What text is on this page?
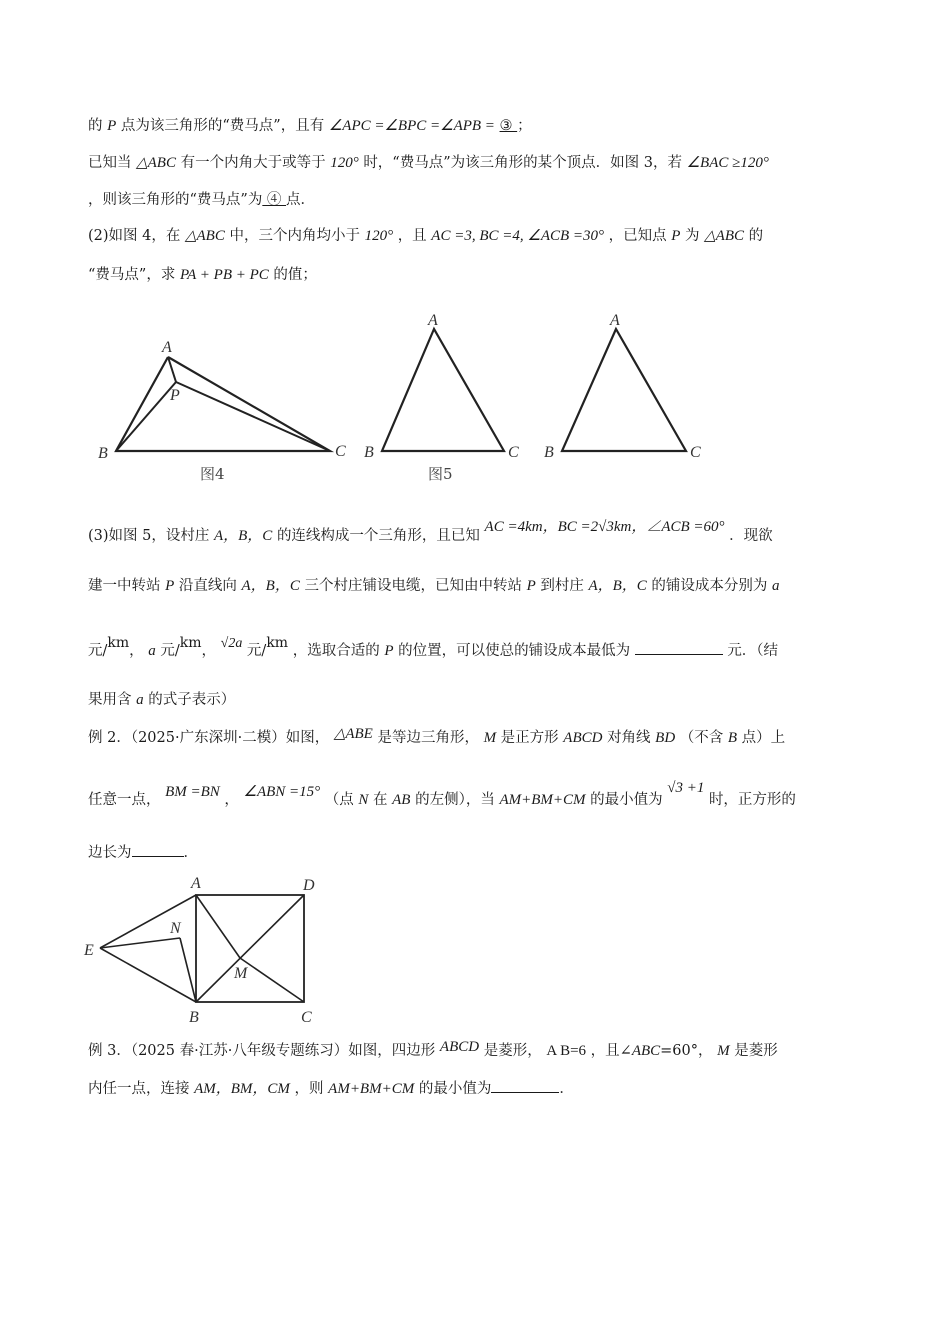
的 P 点为该三角形的“费马点”，且有 ∠APC =∠BPC =∠APB = ③ ；
已知当 △ABC 有一个内角大于或等于 120° 时，“费马点”为该三角形的某个顶点．如图 3，若 ∠BAC ≥120°
，则该三角形的“费马点”为 ④ 点．
(2)如图 4，在 △ABC 中，三个内角均小于 120° ，且 AC =3, BC =4, ∠ACB =30° ，已知点 P 为 △ABC 的
“费马点”，求 PA + PB + PC 的值；
A
P
B	C
图4
A
B	C
图5
A
B	C
(3)如图 5，设村庄 A，B，C 的连线构成一个三角形，且已知 AC =4km，BC =2√3km，∠ACB =60° ．现欲
建一中转站 P 沿直线向 A，B，C 三个村庄铺设电缆，已知由中转站 P 到村庄 A，B，C 的铺设成本分别为 a
元/km， a 元/km， √2a 元/km ，选取合适的 P 的位置，可以使总的铺设成本最低为	元．（结
果用含 a 的式子表示）
例 2．（2025·广东深圳·二模）如图， △ABE 是等边三角形， M 是正方形 ABCD 对角线 BD （不含 B 点）上
任意一点， BM =BN ， ∠ABN =15° （点 N 在 AB 的左侧），当 AM+BM+CM 的最小值为 √3 +1 时，正方形的
边长为	．
A	D
E
N
M
B	C
例 3．（2025 春·江苏·八年级专题练习）如图，四边形 ABCD 是菱形， A B=6 ，且∠ABC=60°， M 是菱形
内任一点，连接 AM，BM，CM ，则 AM+BM+CM 的最小值为	．
